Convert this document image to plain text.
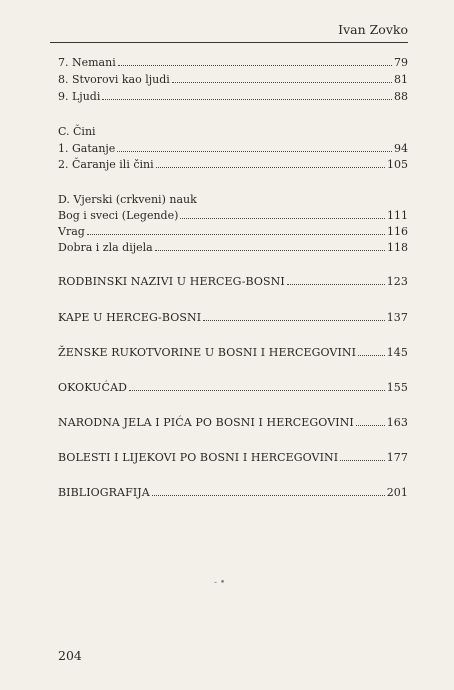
Ivan Zovko
7. Nemani	79
8. Stvorovi kao ljudi	81
9. Ljudi	88
C. Čini
1. Gatanje	94
2. Čaranje ili čini	105
D. Vjerski (crkveni) nauk
Bog i sveci (Legende)	111
Vrag	116
Dobra i zla dijela	118
RODBINSKI NAZIVI U HERCEG-BOSNI	123
KAPE U HERCEG-BOSNI	137
ŽENSKE RUKOTVORINE U BOSNI I HERCEGOVINI	145
OKOKUĆAD	155
NARODNA JELA I PIĆA PO BOSNI I HERCEGOVINI	163
BOLESTI I LIJEKOVI PO BOSNI I HERCEGOVINI	177
BIBLIOGRAFIJA	201
- •
204
